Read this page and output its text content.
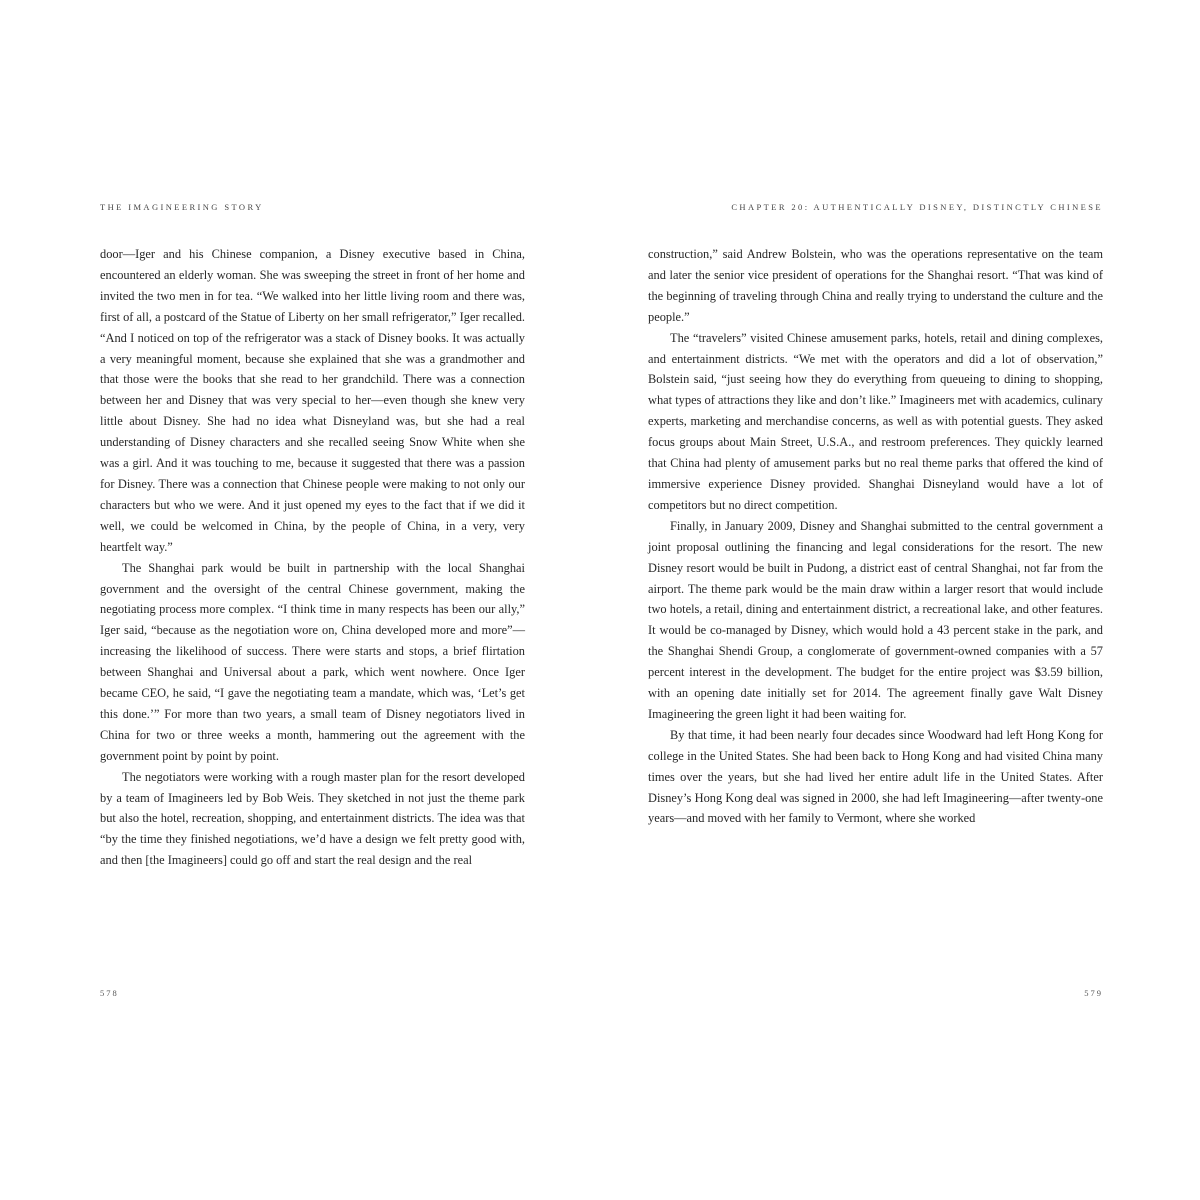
THE IMAGINEERING STORY

door—Iger and his Chinese companion, a Disney executive based in China, encountered an elderly woman. She was sweeping the street in front of her home and invited the two men in for tea. “We walked into her little living room and there was, first of all, a postcard of the Statue of Liberty on her small refrigerator,” Iger recalled. “And I noticed on top of the refrigerator was a stack of Disney books. It was actually a very meaningful moment, because she explained that she was a grandmother and that those were the books that she read to her grandchild. There was a connection between her and Disney that was very special to her—even though she knew very little about Disney. She had no idea what Disneyland was, but she had a real understanding of Disney characters and she recalled seeing Snow White when she was a girl. And it was touching to me, because it suggested that there was a passion for Disney. There was a connection that Chinese people were making to not only our characters but who we were. And it just opened my eyes to the fact that if we did it well, we could be welcomed in China, by the people of China, in a very, very heartfelt way.”

The Shanghai park would be built in partnership with the local Shanghai government and the oversight of the central Chinese government, making the negotiating process more complex. “I think time in many respects has been our ally,” Iger said, “because as the negotiation wore on, China developed more and more”—increasing the likelihood of success. There were starts and stops, a brief flirtation between Shanghai and Universal about a park, which went nowhere. Once Iger became CEO, he said, “I gave the negotiating team a mandate, which was, ‘Let’s get this done.’” For more than two years, a small team of Disney negotiators lived in China for two or three weeks a month, hammering out the agreement with the government point by point by point.

The negotiators were working with a rough master plan for the resort developed by a team of Imagineers led by Bob Weis. They sketched in not just the theme park but also the hotel, recreation, shopping, and entertainment districts. The idea was that “by the time they finished negotiations, we’d have a design we felt pretty good with, and then [the Imagineers] could go off and start the real design and the real

578
CHAPTER 20: AUTHENTICALLY DISNEY, DISTINCTLY CHINESE

construction,” said Andrew Bolstein, who was the operations representative on the team and later the senior vice president of operations for the Shanghai resort. “That was kind of the beginning of traveling through China and really trying to understand the culture and the people.”

The “travelers” visited Chinese amusement parks, hotels, retail and dining complexes, and entertainment districts. “We met with the operators and did a lot of observation,” Bolstein said, “just seeing how they do everything from queueing to dining to shopping, what types of attractions they like and don’t like.” Imagineers met with academics, culinary experts, marketing and merchandise concerns, as well as with potential guests. They asked focus groups about Main Street, U.S.A., and restroom preferences. They quickly learned that China had plenty of amusement parks but no real theme parks that offered the kind of immersive experience Disney provided. Shanghai Disneyland would have a lot of competitors but no direct competition.

Finally, in January 2009, Disney and Shanghai submitted to the central government a joint proposal outlining the financing and legal considerations for the resort. The new Disney resort would be built in Pudong, a district east of central Shanghai, not far from the airport. The theme park would be the main draw within a larger resort that would include two hotels, a retail, dining and entertainment district, a recreational lake, and other features. It would be co-managed by Disney, which would hold a 43 percent stake in the park, and the Shanghai Shendi Group, a conglomerate of government-owned companies with a 57 percent interest in the development. The budget for the entire project was $3.59 billion, with an opening date initially set for 2014. The agreement finally gave Walt Disney Imagineering the green light it had been waiting for.

By that time, it had been nearly four decades since Woodward had left Hong Kong for college in the United States. She had been back to Hong Kong and had visited China many times over the years, but she had lived her entire adult life in the United States. After Disney’s Hong Kong deal was signed in 2000, she had left Imagineering—after twenty-one years—and moved with her family to Vermont, where she worked

579
